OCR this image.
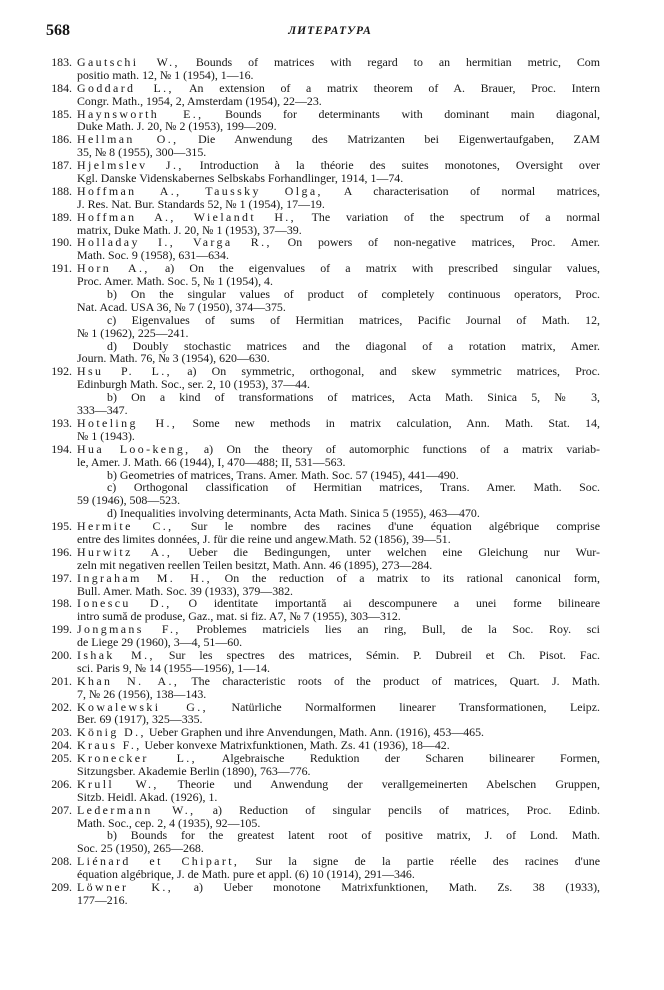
568	ЛИТЕРАТУРА
183. Gautschi W., Bounds of matrices with regard to an hermitian metric, Com
positio math. 12, № 1 (1954), 1—16.
184. Goddard L., An extension of a matrix theorem of A. Brauer, Proc. Intern
Congr. Math., 1954, 2, Amsterdam (1954), 22—23.
185. Haynsworth E., Bounds for determinants with dominant main diagonal,
Duke Math. J. 20, № 2 (1953), 199—209.
186. Hellman O., Die Anwendung des Matrizanten bei Eigenwertaufgaben, ZAM
35, № 8 (1955), 300—315.
187. Hjelmslev J., Introduction à la théorie des suites monotones, Oversight over
Kgl. Danske Videnskabernes Selbskabs Forhandlinger, 1914, 1—74.
188. Hoffman A., Taussky Olga, A characterisation of normal matrices,
J. Res. Nat. Bur. Standards 52, № 1 (1954), 17—19.
189. Hoffman A., Wielandt H., The variation of the spectrum of a normal
matrix, Duke Math. J. 20, № 1 (1953), 37—39.
190. Holladay I., Varga R., On powers of non-negative matrices, Proc. Amer.
Math. Soc. 9 (1958), 631—634.
191. Horn A., a) On the eigenvalues of a matrix with prescribed singular values,
Proc. Amer. Math. Soc. 5, № 1 (1954), 4.
b) On the singular values of product of completely continuous operators, Proc.
Nat. Acad. USA 36, № 7 (1950), 374—375.
c) Eigenvalues of sums of Hermitian matrices, Pacific Journal of Math. 12,
№ 1 (1962), 225—241.
d) Doubly stochastic matrices and the diagonal of a rotation matrix, Amer.
Journ. Math. 76, № 3 (1954), 620—630.
192. Hsu P. L., a) On symmetric, orthogonal, and skew symmetric matrices, Proc.
Edinburgh Math. Soc., ser. 2, 10 (1953), 37—44.
b) On a kind of transformations of matrices, Acta Math. Sinica 5, № 3,
333—347.
193. Hoteling H., Some new methods in matrix calculation, Ann. Math. Stat. 14,
№ 1 (1943).
194. Hua Loo-keng, a) On the theory of automorphic functions of a matrix variab-
le, Amer. J. Math. 66 (1944), I, 470—488; II, 531—563.
b) Geometries of matrices, Trans. Amer. Math. Soc. 57 (1945), 441—490.
c) Orthogonal classification of Hermitian matrices, Trans. Amer. Math. Soc.
59 (1946), 508—523.
d) Inequalities involving determinants, Acta Math. Sinica 5 (1955), 463—470.
195. Hermite C., Sur le nombre des racines d'une équation algébrique comprise
entre des limites données, J. für die reine und angew.Math. 52 (1856), 39—51.
196. Hurwitz A., Ueber die Bedingungen, unter welchen eine Gleichung nur Wur-
zeln mit negativen reellen Teilen besitzt, Math. Ann. 46 (1895), 273—284.
197. Ingraham M. H., On the reduction of a matrix to its rational canonical form,
Bull. Amer. Math. Soc. 39 (1933), 379—382.
198. Ionescu D., O identitate importantă ai descompunere a unei forme bilineare
intro sumă de produse, Gaz., mat. si fiz. A7, № 7 (1955), 303—312.
199. Jongmans F., Problemes matriciels lies an ring, Bull, de la Soc. Roy. sci
de Liege 29 (1960), 3—4, 51—60.
200. Ishak M., Sur les spectres des matrices, Sémin. P. Dubreil et Ch. Pisot. Fac.
sci. Paris 9, № 14 (1955—1956), 1—14.
201. Khan N. A., The characteristic roots of the product of matrices, Quart. J. Math.
7, № 26 (1956), 138—143.
202. Kowalewski G., Natürliche Normalformen linearer Transformationen, Leipz.
Ber. 69 (1917), 325—335.
203. König D., Ueber Graphen und ihre Anvendungen, Math. Ann. (1916), 453—465.
204. Kraus F., Ueber konvexe Matrixfunktionen, Math. Zs. 41 (1936), 18—42.
205. Kronecker L., Algebraische Reduktion der Scharen bilinearer Formen,
Sitzungsber. Akademie Berlin (1890), 763—776.
206. Krull W., Theorie und Anwendung der verallgemeinerten Abelschen Gruppen,
Sitzb. Heidl. Akad. (1926), 1.
207. Ledermann W., a) Reduction of singular pencils of matrices, Proc. Edinb.
Math. Soc., cep. 2, 4 (1935), 92—105.
b) Bounds for the greatest latent root of positive matrix, J. of Lond. Math.
Soc. 25 (1950), 265—268.
208. Liénard et Chipart, Sur la signe de la partie réelle des racines d'une
équation algébrique, J. de Math. pure et appl. (6) 10 (1914), 291—346.
209. Löwner K., a) Ueber monotone Matrixfunktionen, Math. Zs. 38 (1933),
177—216.
